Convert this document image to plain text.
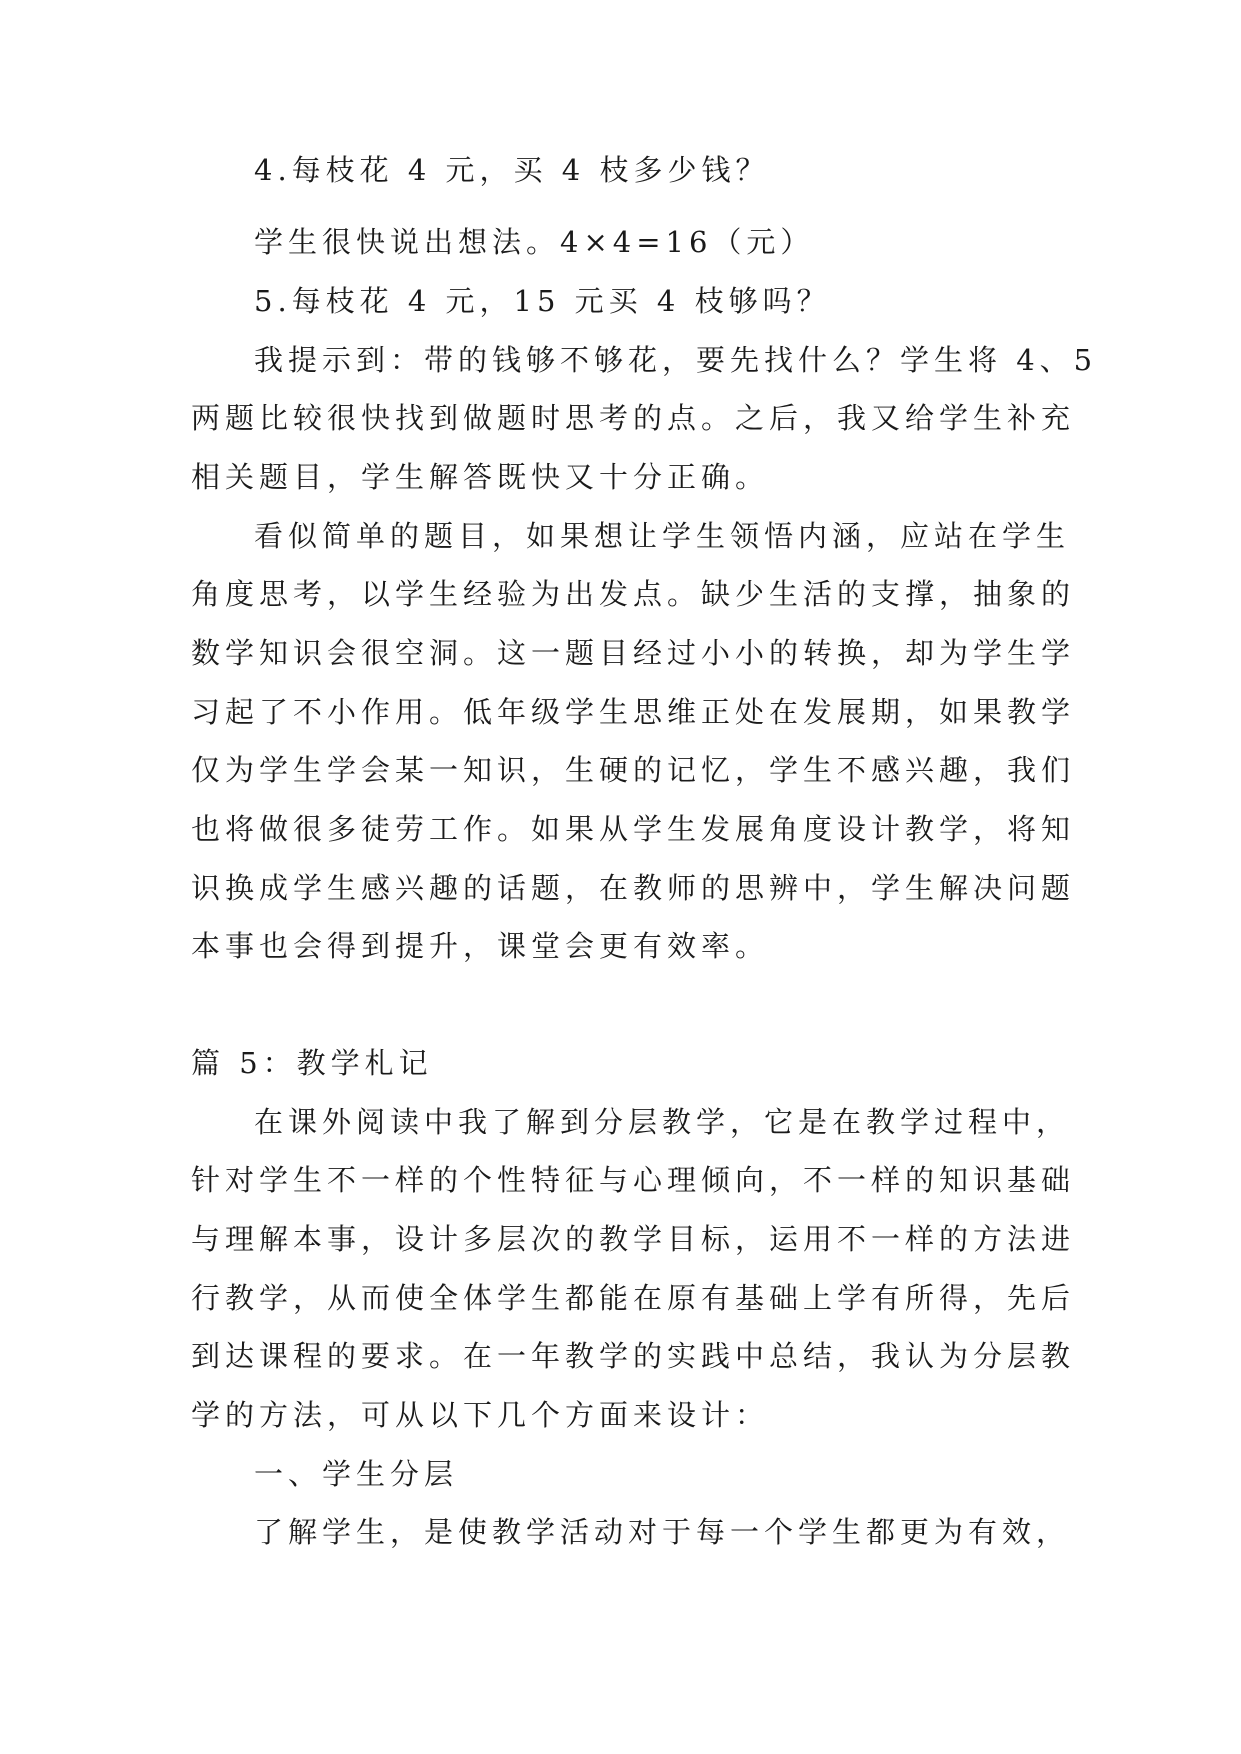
4.每枝花 4 元，买 4 枝多少钱？
学生很快说出想法。4×4=16（元）
5.每枝花 4 元，15 元买 4 枝够吗？
我提示到：带的钱够不够花，要先找什么？学生将 4、5
两题比较很快找到做题时思考的点。之后，我又给学生补充
相关题目，学生解答既快又十分正确。
看似简单的题目，如果想让学生领悟内涵，应站在学生
角度思考，以学生经验为出发点。缺少生活的支撑，抽象的
数学知识会很空洞。这一题目经过小小的转换，却为学生学
习起了不小作用。低年级学生思维正处在发展期，如果教学
仅为学生学会某一知识，生硬的记忆，学生不感兴趣，我们
也将做很多徒劳工作。如果从学生发展角度设计教学，将知
识换成学生感兴趣的话题，在教师的思辨中，学生解决问题
本事也会得到提升，课堂会更有效率。
篇 5：教学札记
在课外阅读中我了解到分层教学，它是在教学过程中，
针对学生不一样的个性特征与心理倾向，不一样的知识基础
与理解本事，设计多层次的教学目标，运用不一样的方法进
行教学，从而使全体学生都能在原有基础上学有所得，先后
到达课程的要求。在一年教学的实践中总结，我认为分层教
学的方法，可从以下几个方面来设计：
一、学生分层
了解学生，是使教学活动对于每一个学生都更为有效，
